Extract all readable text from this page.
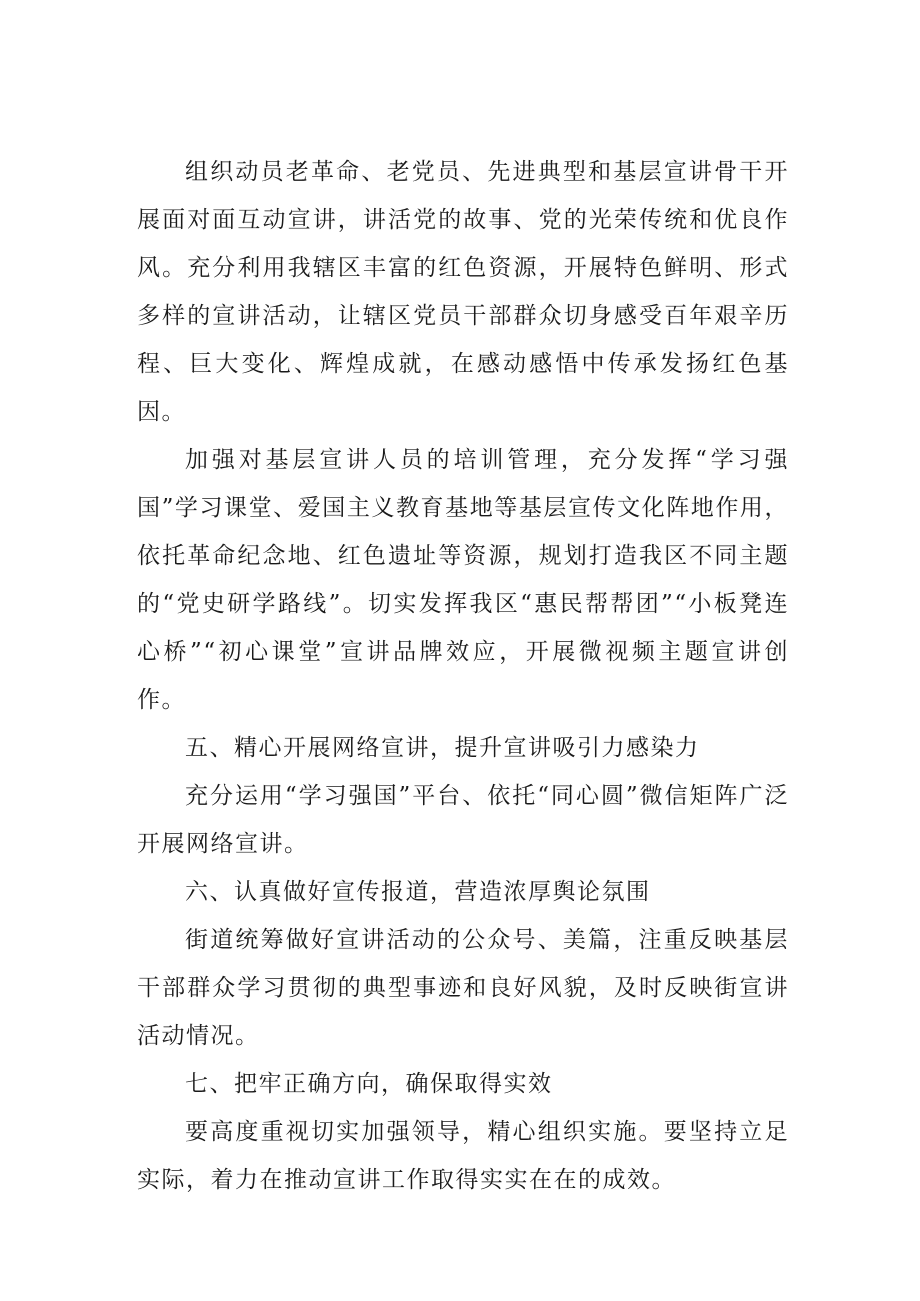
组织动员老革命、老党员、先进典型和基层宣讲骨干开展面对面互动宣讲，讲活党的故事、党的光荣传统和优良作风。充分利用我辖区丰富的红色资源，开展特色鲜明、形式多样的宣讲活动，让辖区党员干部群众切身感受百年艰辛历程、巨大变化、辉煌成就，在感动感悟中传承发扬红色基因。

加强对基层宣讲人员的培训管理，充分发挥“学习强国”学习课堂、爱国主义教育基地等基层宣传文化阵地作用，依托革命纪念地、红色遗址等资源，规划打造我区不同主题的“党史研学路线”。切实发挥我区“惠民帮帮团”“小板凳连心桥”“初心课堂”宣讲品牌效应，开展微视频主题宣讲创作。

五、精心开展网络宣讲，提升宣讲吸引力感染力

充分运用“学习强国”平台、依托“同心圆”微信矩阵广泛开展网络宣讲。

六、认真做好宣传报道，营造浓厚舆论氛围

街道统筹做好宣讲活动的公众号、美篇，注重反映基层干部群众学习贯彻的典型事迹和良好风貌，及时反映街宣讲活动情况。

七、把牢正确方向，确保取得实效

要高度重视切实加强领导，精心组织实施。要坚持立足实际，着力在推动宣讲工作取得实实在在的成效。
